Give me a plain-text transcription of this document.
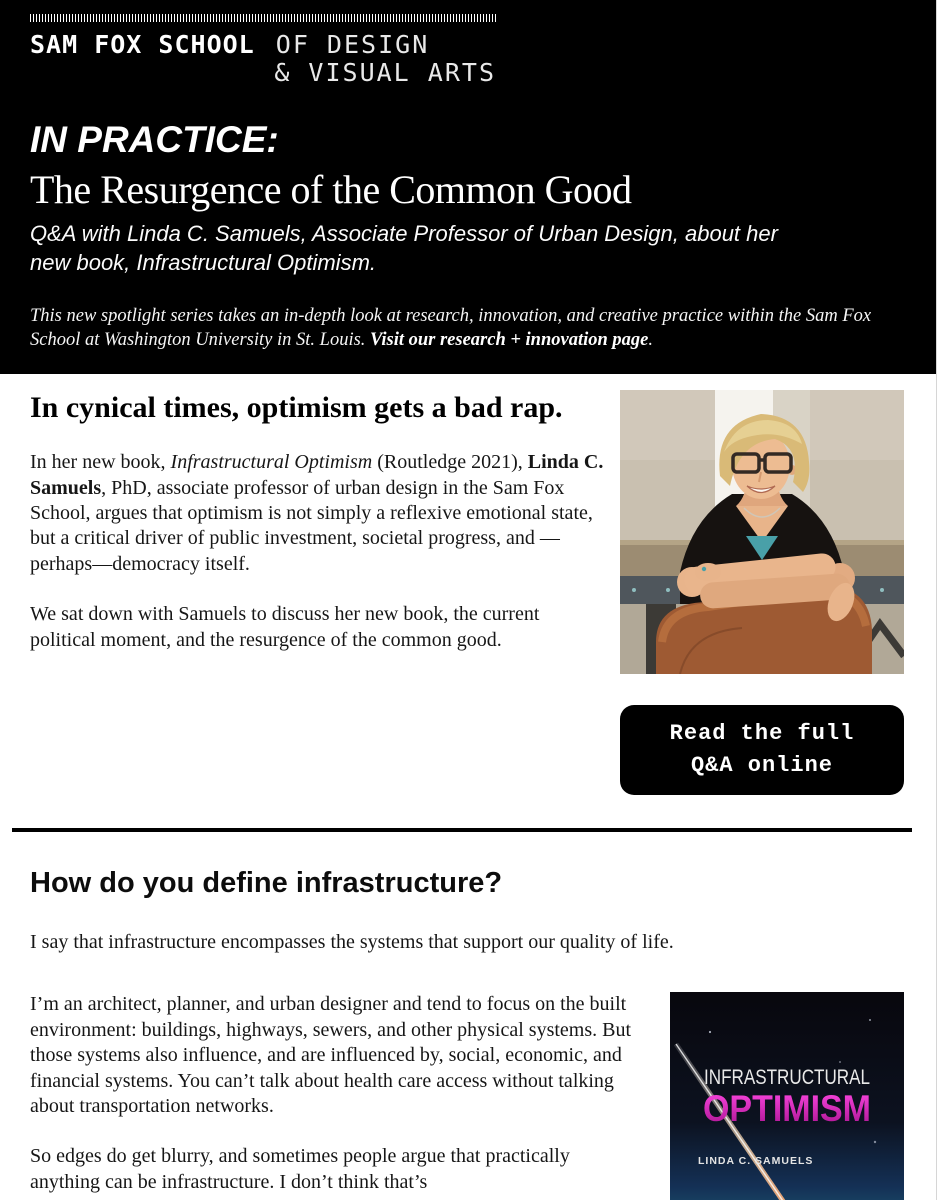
SAM FOX SCHOOL OF DESIGN
& VISUAL ARTS
IN PRACTICE:
The Resurgence of the Common Good

Q&A with Linda C. Samuels, Associate Professor of Urban Design, about her new book, Infrastructural Optimism.

This new spotlight series takes an in-depth look at research, innovation, and creative practice within the Sam Fox School at Washington University in St. Louis. Visit our research + innovation page.

In cynical times, optimism gets a bad rap.

In her new book, Infrastructural Optimism (Routledge 2021), Linda C. Samuels, PhD, associate professor of urban design in the Sam Fox School, argues that optimism is not simply a reflexive emotional state, but a critical driver of public investment, societal progress, and —perhaps—democracy itself.

We sat down with Samuels to discuss her new book, the current political moment, and the resurgence of the common good.

Read the full
Q&A online
How do you define infrastructure?

I say that infrastructure encompasses the systems that support our quality of life.

I’m an architect, planner, and urban designer and tend to focus on the built environment: buildings, highways, sewers, and other physical systems. But those systems also influence, and are influenced by, social, economic, and financial systems. You can’t talk about health care access without talking about transportation networks.

So edges do get blurry, and sometimes people argue that practically anything can be infrastructure. I don’t think that’s

INFRASTRUCTURAL
OPTIMISM
LINDA C. SAMUELS
